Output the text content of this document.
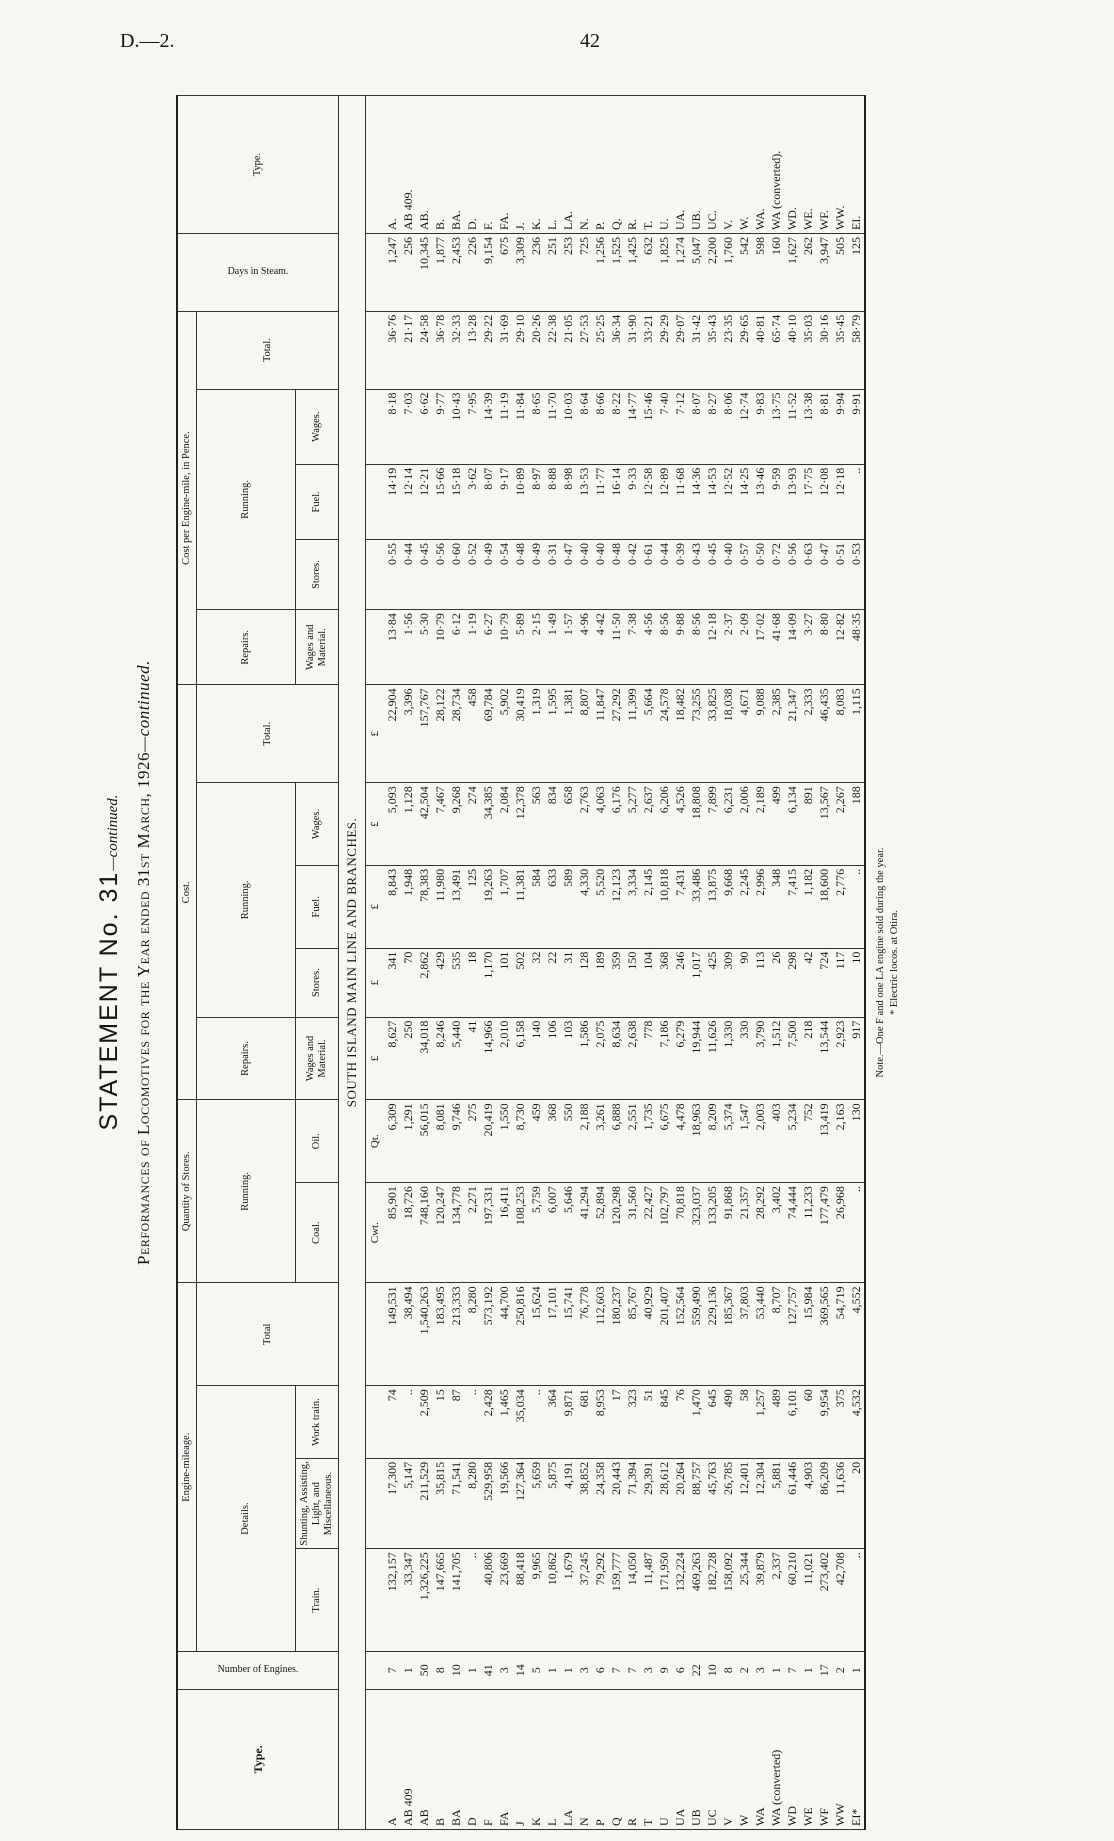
D.—2.	42
STATEMENT No. 31—continued. Performances of Locomotives for the Year ended 31st March, 1926—continued.
Type.	Number of Engines.	Engine-mileage.				Quantity of Stores.		Cost.					Cost per Engine-mile, in Pence.					Days in Steam.	Type.
		Details.			Total	Running.		Repairs.	Running.			Total.	Repairs.	Running.			Total.		
		Train.	Shunting, Assisting, Light, and Miscellaneous.	Work train.		Coal.	Oil.	Wages and Material.	Stores.	Fuel.	Wages.		Wages and Material.	Stores.	Fuel.	Wages.			
SOUTH ISLAND MAIN LINE AND BRANCHES.																			
						Cwt.	Qt.	£	£	£	£	£							
A	7	132,157	17,300	74	149,531	85,901	6,309	8,627	341	8,843	5,093	22,904	13·84	0·55	14·19	8·18	36·76	1,247	A.
AB 409	1	33,347	5,147	..	38,494	18,726	1,291	250	70	1,948	1,128	3,396	1·56	0·44	12·14	7·03	21·17	256	AB 409.
AB	50	1,326,225	211,529	2,509	1,540,263	748,160	56,015	34,018	2,862	78,383	42,504	157,767	5·30	0·45	12·21	6·62	24·58	10,345	AB.
B	8	147,665	35,815	15	183,495	120,247	8,081	8,246	429	11,980	7,467	28,122	10·79	0·56	15·66	9·77	36·78	1,877	B.
BA	10	141,705	71,541	87	213,333	134,778	9,746	5,440	535	13,491	9,268	28,734	6·12	0·60	15·18	10·43	32·33	2,453	BA.
D	1	..	8,280	..	8,280	2,271	275	41	18	125	274	458	1·19	0·52	3·62	7·95	13·28	226	D.
F	41	40,806	529,958	2,428	573,192	197,331	20,419	14,966	1,170	19,263	34,385	69,784	6·27	0·49	8·07	14·39	29·22	9,154	F.
FA	3	23,669	19,566	1,465	44,700	16,411	1,550	2,010	101	1,707	2,084	5,902	10·79	0·54	9·17	11·19	31·69	675	FA.
J	14	88,418	127,364	35,034	250,816	108,253	8,730	6,158	502	11,381	12,378	30,419	5·89	0·48	10·89	11·84	29·10	3,309	J.
K	5	9,965	5,659	..	15,624	5,759	459	140	32	584	563	1,319	2·15	0·49	8·97	8·65	20·26	236	K.
L	1	10,862	5,875	364	17,101	6,007	368	106	22	633	834	1,595	1·49	0·31	8·88	11·70	22·38	251	L.
LA	1	1,679	4,191	9,871	15,741	5,646	550	103	31	589	658	1,381	1·57	0·47	8·98	10·03	21·05	253	LA.
N	3	37,245	38,852	681	76,778	41,294	2,188	1,586	128	4,330	2,763	8,807	4·96	0·40	13·53	8·64	27·53	725	N.
P	6	79,292	24,358	8,953	112,603	52,894	3,261	2,075	189	5,520	4,063	11,847	4·42	0·40	11·77	8·66	25·25	1,256	P.
Q	7	159,777	20,443	17	180,237	120,298	6,888	8,634	359	12,123	6,176	27,292	11·50	0·48	16·14	8·22	36·34	1,525	Q.
R	7	14,050	71,394	323	85,767	31,560	2,551	2,638	150	3,334	5,277	11,399	7·38	0·42	9·33	14·77	31·90	1,425	R.
T	3	11,487	29,391	51	40,929	22,427	1,735	778	104	2,145	2,637	5,664	4·56	0·61	12·58	15·46	33·21	632	T.
U	9	171,950	28,612	845	201,407	102,797	6,675	7,186	368	10,818	6,206	24,578	8·56	0·44	12·89	7·40	29·29	1,825	U.
UA	6	132,224	20,264	76	152,564	70,818	4,478	6,279	246	7,431	4,526	18,482	9·88	0·39	11·68	7·12	29·07	1,274	UA.
UB	22	469,263	88,757	1,470	559,490	323,037	18,963	19,944	1,017	33,486	18,808	73,255	8·56	0·43	14·36	8·07	31·42	5,047	UB.
UC	10	182,728	45,763	645	229,136	133,205	8,209	11,626	425	13,875	7,899	33,825	12·18	0·45	14·53	8·27	35·43	2,200	UC.
V	8	158,092	26,785	490	185,367	91,868	5,374	1,330	309	9,668	6,231	18,038	2·37	0·40	12·52	8·06	23·35	1,760	V.
W	2	25,344	12,401	58	37,803	21,357	1,547	330	90	2,245	2,006	4,671	2·09	0·57	14·25	12·74	29·65	542	W.
WA	3	39,879	12,304	1,257	53,440	28,292	2,003	3,790	113	2,996	2,189	9,088	17·02	0·50	13·46	9·83	40·81	598	WA.
WA (converted)	1	2,337	5,881	489	8,707	3,402	403	1,512	26	348	499	2,385	41·68	0·72	9·59	13·75	65·74	160	WA (converted).
WD	7	60,210	61,446	6,101	127,757	74,444	5,234	7,500	298	7,415	6,134	21,347	14·09	0·56	13·93	11·52	40·10	1,627	WD.
WE	1	11,021	4,903	60	15,984	11,233	752	218	42	1,182	891	2,333	3·27	0·63	17·75	13·38	35·03	262	WE.
WF	17	273,402	86,209	9,954	369,565	177,479	13,419	13,544	724	18,600	13,567	46,435	8·80	0·47	12·08	8·81	30·16	3,947	WF.
WW	2	42,708	11,636	375	54,719	26,968	2,163	2,923	117	2,776	2,267	8,083	12·82	0·51	12·18	9·94	35·45	505	WW.
EI*	1	..	20	4,532	4,552	..	130	917	10	..	188	1,115	48·35	0·53	..	9·91	58·79	125	EI.
Note.—One F and one LA engine sold during the year. * Electric locos. at Otira.
